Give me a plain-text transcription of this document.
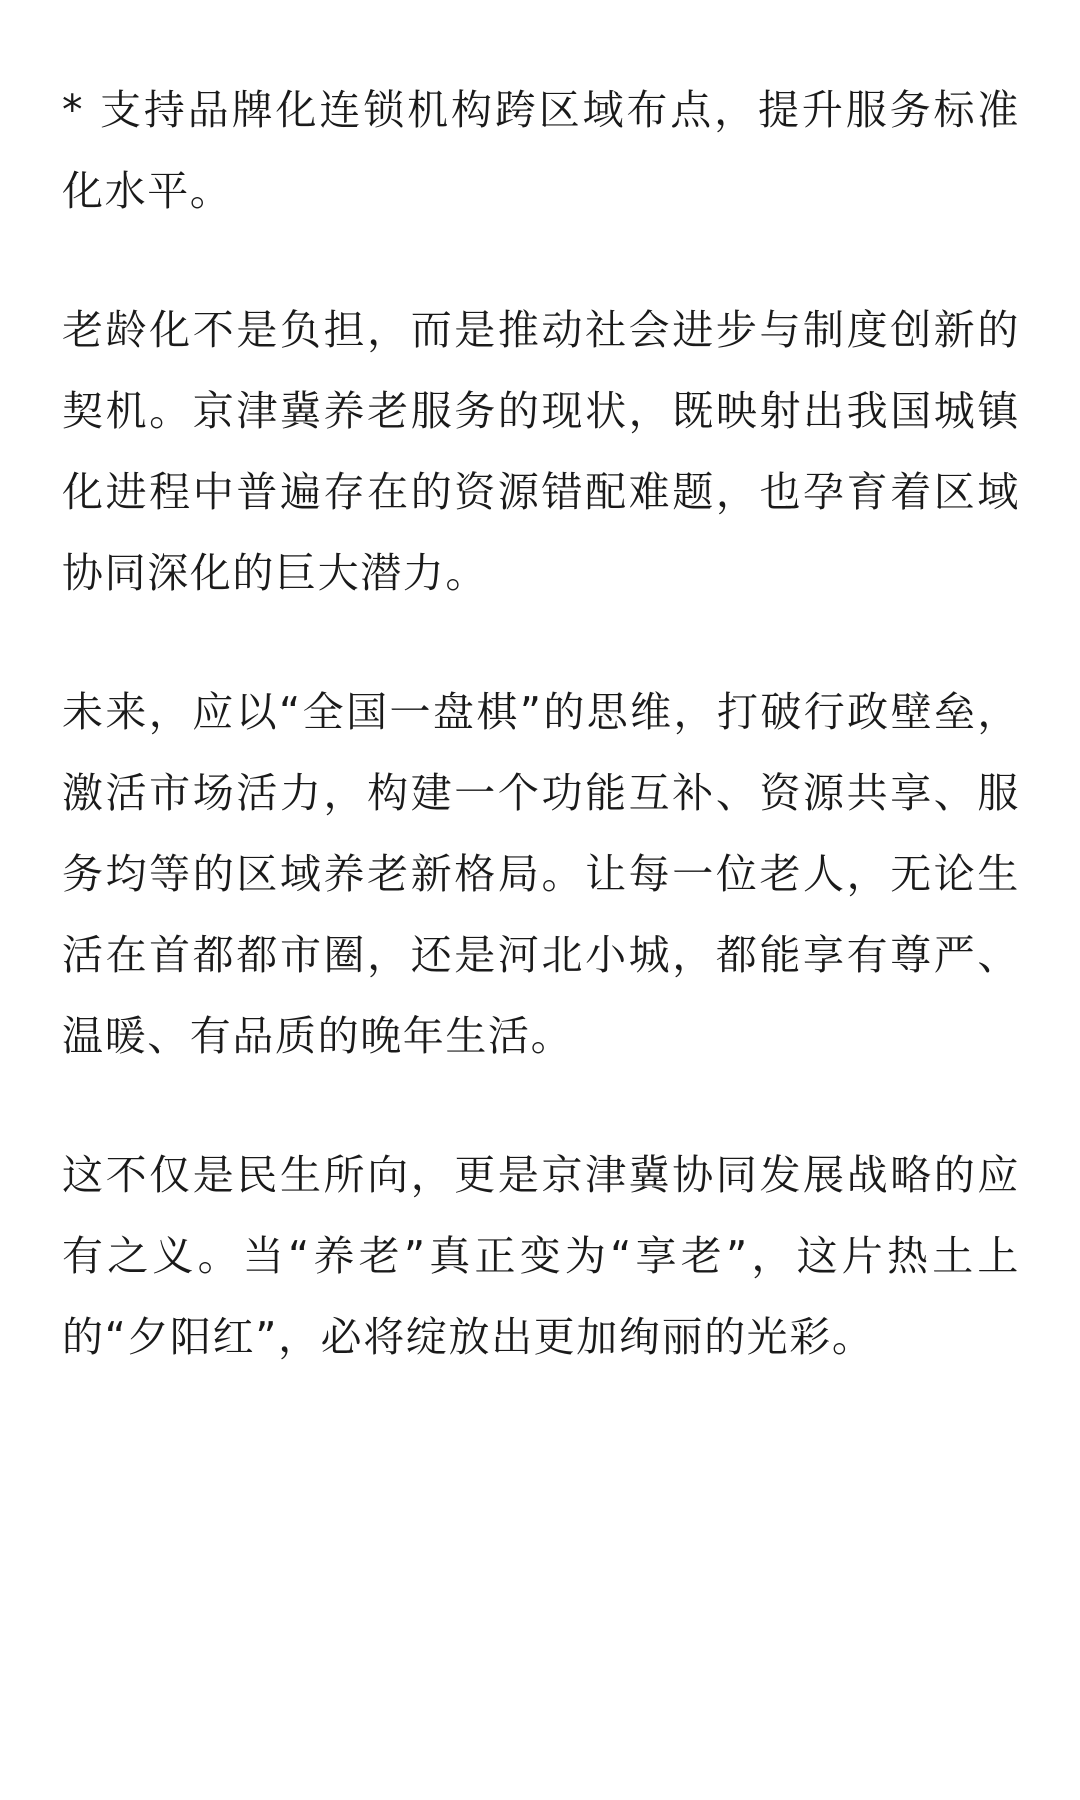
* 支持品牌化连锁机构跨区域布点，提升服务标准化水平。

老龄化不是负担，而是推动社会进步与制度创新的契机。京津冀养老服务的现状，既映射出我国城镇化进程中普遍存在的资源错配难题，也孕育着区域协同深化的巨大潜力。

未来，应以“全国一盘棋”的思维，打破行政壁垒，激活市场活力，构建一个功能互补、资源共享、服务均等的区域养老新格局。让每一位老人，无论生活在首都都市圈，还是河北小城，都能享有尊严、温暖、有品质的晚年生活。

这不仅是民生所向，更是京津冀协同发展战略的应有之义。当“养老”真正变为“享老”，这片热土上的“夕阳红”，必将绽放出更加绚丽的光彩。
